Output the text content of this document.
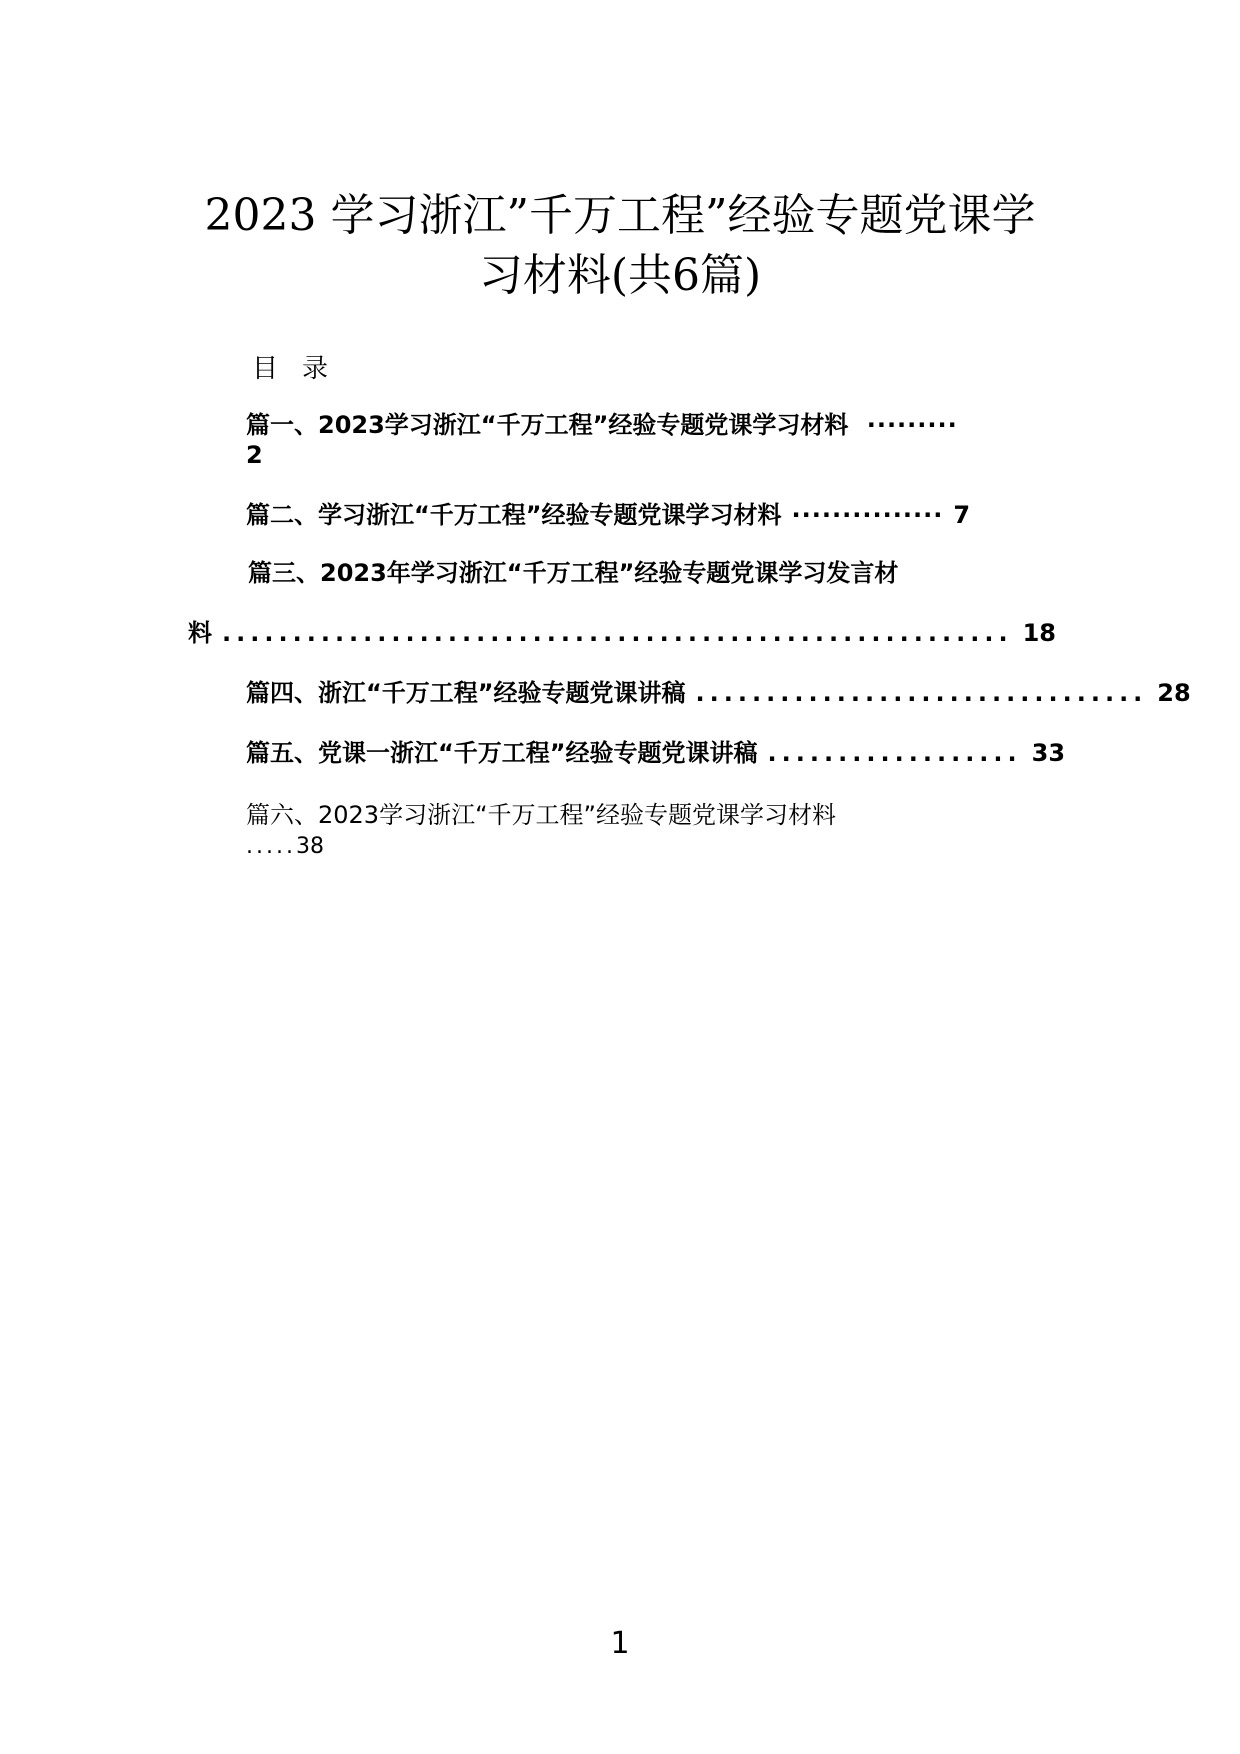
2023 学习浙江”千万工程”经验专题党课学
习材料(共6篇)
目录
篇一、2023学习浙江“千万工程”经验专题党课学习材料 ·········
2
篇二、学习浙江“千万工程”经验专题党课学习材料 ··············· 7
篇三、2023年学习浙江“千万工程”经验专题党课学习发言材
料 ........................................................ 18
篇四、浙江“千万工程”经验专题党课讲稿 ................................ 28
篇五、党课一浙江“千万工程”经验专题党课讲稿 .................. 33
篇六、2023学习浙江“千万工程”经验专题党课学习材料
.....38
1
